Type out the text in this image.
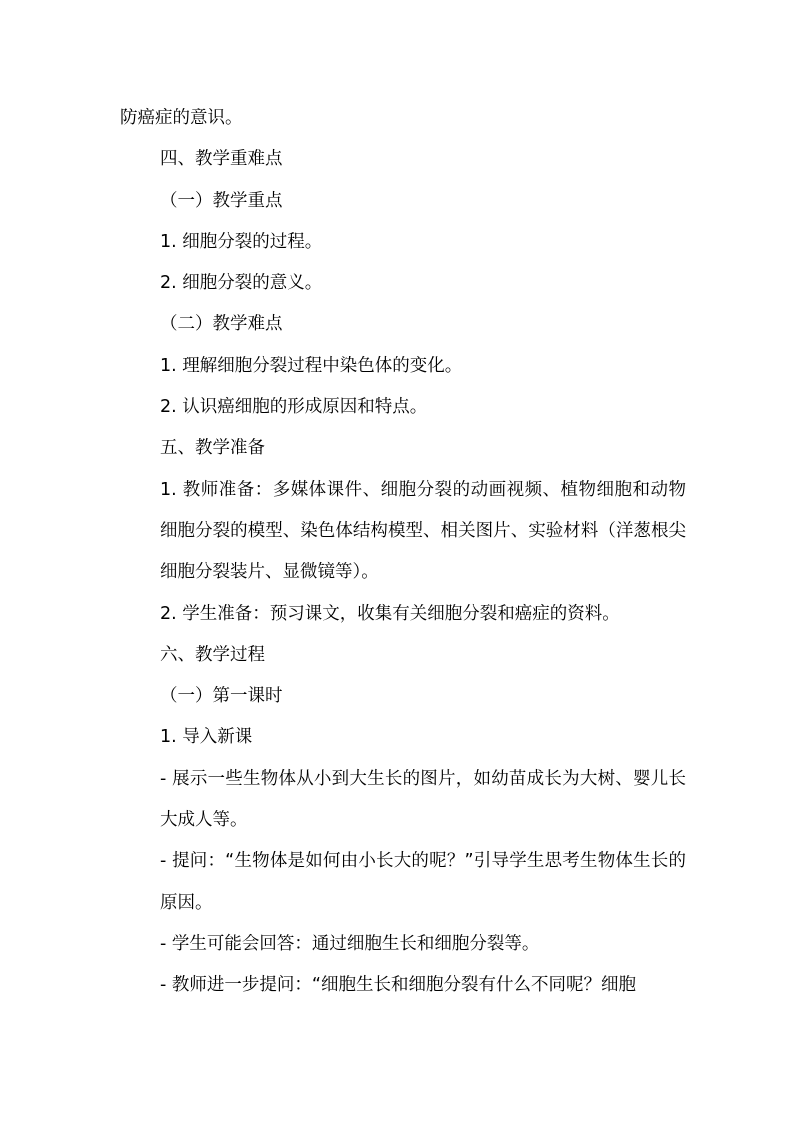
防癌症的意识。

四、教学重难点

（一）教学重点

1. 细胞分裂的过程。

2. 细胞分裂的意义。

（二）教学难点

1. 理解细胞分裂过程中染色体的变化。

2. 认识癌细胞的形成原因和特点。

五、教学准备

1. 教师准备：多媒体课件、细胞分裂的动画视频、植物细胞和动物细胞分裂的模型、染色体结构模型、相关图片、实验材料（洋葱根尖细胞分裂装片、显微镜等）。

2. 学生准备：预习课文，收集有关细胞分裂和癌症的资料。

六、教学过程

（一）第一课时

1. 导入新课

- 展示一些生物体从小到大生长的图片，如幼苗成长为大树、婴儿长大成人等。

- 提问：“生物体是如何由小长大的呢？”引导学生思考生物体生长的原因。

- 学生可能会回答：通过细胞生长和细胞分裂等。

- 教师进一步提问：“细胞生长和细胞分裂有什么不同呢？细胞
